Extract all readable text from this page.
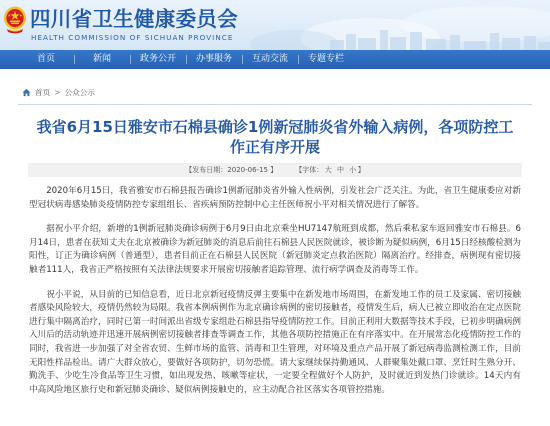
四川省卫生健康委员会
HEALTH COMMISSION OF SICHUAN PROVINCE
首页	新闻	政务公开	办事服务	互动交流	专题专栏
首页 > 公众公示
我省6月15日雅安市石棉县确诊1例新冠肺炎省外输入病例，各项防控工作正有序开展
【发布日期：2020-06-15 】	【字体： 大 中 小 】

2020年6月15日，我省雅安市石棉县报告确诊1例新冠肺炎省外输入性病例，引发社会广泛关注。为此，省卫生健康委应对新型冠状病毒感染肺炎疫情防控专家组组长、省疾病预防控制中心主任医师祝小平对相关情况进行了解答。

据祝小平介绍，新增的1例新冠肺炎确诊病例于6月9日由北京乘坐HU7147航班到成都，然后乘私家车返回雅安市石棉县。6月14日，患者在获知丈夫在北京被确诊为新冠肺炎的消息后前往石棉县人民医院就诊，被诊断为疑似病例，6月15日经核酸检测为阳性，订正为确诊病例（普通型），患者目前正在石棉县人民医院（新冠肺炎定点救治医院）隔离治疗。经排查，病例现有密切接触者111人，我省正严格按照有关法律法规要求开展密切接触者追踪管理、流行病学调查及消毒等工作。

祝小平说，从目前的已知信息看，近日北京新冠疫情反弹主要集中在新发地市场周围，在新发地工作的员工及家属、密切接触者感染风险较大，疫情仍然较为局限。我省本例病例作为北京确诊病例的密切接触者，疫情发生后，病人已被立即收治在定点医院进行集中隔离治疗，同时已第一时间派出省级专家组赴石棉县指导疫情防控工作。目前正利用大数据等技术手段，已初步明确病例入川后的活动轨迹并迅速开展病例密切接触者排查等调查工作，其他各项防控措施正在有序落实中。在开展常态化疫情防控工作的同时，我省进一步加强了对全省农贸、生鲜市场的监管、消毒和卫生管理，对环境及重点产品开展了新冠病毒监测检测工作，目前无阳性样品检出。请广大群众放心，要做好各项防护，切勿恐慌。请大家继续保持勤通风、人群聚集处戴口罩、烹饪时生熟分开、勤洗手、少吃生冷食品等卫生习惯，如出现发热、咳嗽等症状，一定要全程做好个人防护，及时就近到发热门诊就诊。14天内有中高风险地区旅行史和新冠肺炎确诊、疑似病例接触史的，应主动配合社区落实各项管控措施。
